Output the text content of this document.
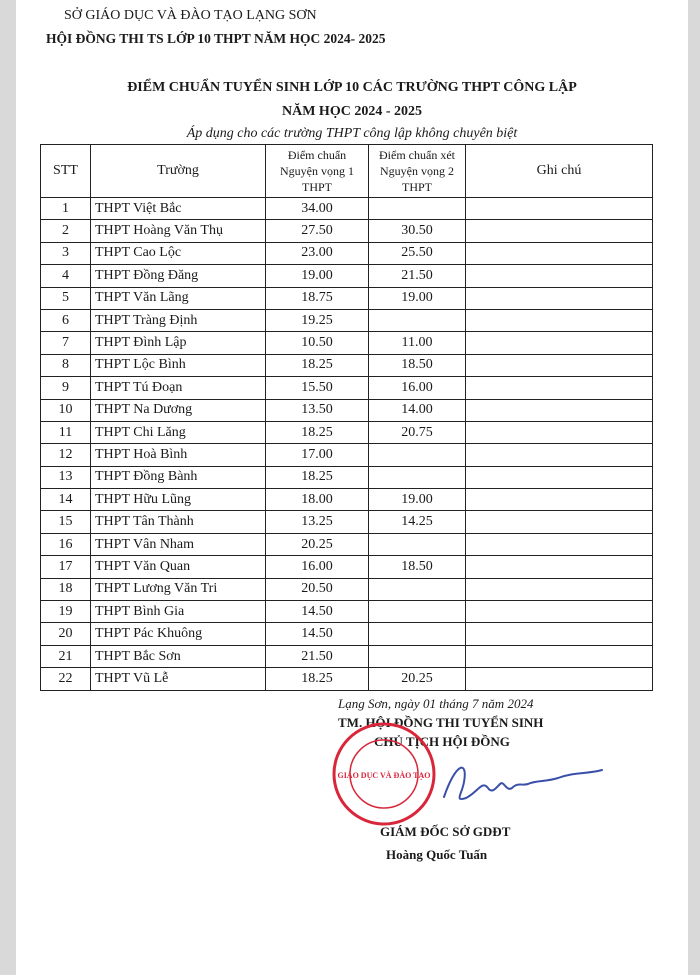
SỞ GIÁO DỤC VÀ ĐÀO TẠO LẠNG SƠN
HỘI ĐỒNG THI TS LỚP 10 THPT NĂM HỌC 2024- 2025
ĐIỂM CHUẨN TUYỂN SINH LỚP 10 CÁC TRƯỜNG THPT CÔNG LẬP
NĂM HỌC 2024 - 2025
Áp dụng cho các trường THPT công lập không chuyên biệt
STT	Trường	Điểm chuẩn Nguyện vọng 1 THPT	Điểm chuẩn xét Nguyện vọng 2 THPT	Ghi chú
1	THPT Việt Bắc	34.00		
2	THPT Hoàng Văn Thụ	27.50	30.50	
3	THPT Cao Lộc	23.00	25.50	
4	THPT Đồng Đăng	19.00	21.50	
5	THPT Văn Lãng	18.75	19.00	
6	THPT Tràng Định	19.25		
7	THPT Đình Lập	10.50	11.00	
8	THPT Lộc Bình	18.25	18.50	
9	THPT Tú Đoạn	15.50	16.00	
10	THPT Na Dương	13.50	14.00	
11	THPT Chi Lăng	18.25	20.75	
12	THPT Hoà Bình	17.00		
13	THPT Đồng Bành	18.25		
14	THPT Hữu Lũng	18.00	19.00	
15	THPT Tân Thành	13.25	14.25	
16	THPT Vân Nham	20.25		
17	THPT Văn Quan	16.00	18.50	
18	THPT Lương Văn Tri	20.50		
19	THPT Bình Gia	14.50		
20	THPT Pác Khuông	14.50		
21	THPT Bắc Sơn	21.50		
22	THPT Vũ Lễ	18.25	20.25	
Lạng Sơn, ngày 01 tháng 7 năm 2024
TM. HỘI ĐỒNG THI TUYỂN SINH
CHỦ TỊCH HỘI ĐỒNG
GIÁO DỤC VÀ ĐÀO TẠO
GIÁM ĐỐC SỞ GDĐT
Hoàng Quốc Tuấn
